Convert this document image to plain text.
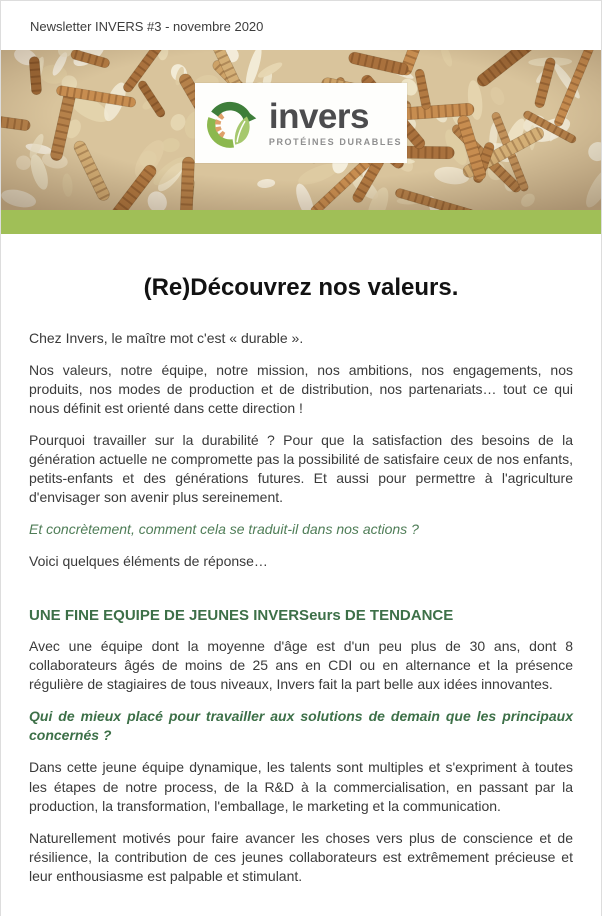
Newsletter INVERS #3 - novembre 2020
invers
PROTÉINES DURABLES
(Re)Découvrez nos valeurs.

Chez Invers, le maître mot c'est « durable ».

Nos valeurs, notre équipe, notre mission, nos ambitions, nos engagements, nos produits, nos modes de production et de distribution, nos partenariats… tout ce qui nous définit est orienté dans cette direction !

Pourquoi travailler sur la durabilité ? Pour que la satisfaction des besoins de la génération actuelle ne compromette pas la possibilité de satisfaire ceux de nos enfants, petits-enfants et des générations futures. Et aussi pour permettre à l'agriculture d'envisager son avenir plus sereinement.

Et concrètement, comment cela se traduit-il dans nos actions ?

Voici quelques éléments de réponse…

UNE FINE EQUIPE DE JEUNES INVERSeurs DE TENDANCE

Avec une équipe dont la moyenne d'âge est d'un peu plus de 30 ans, dont 8 collaborateurs âgés de moins de 25 ans en CDI ou en alternance et la présence régulière de stagiaires de tous niveaux, Invers fait la part belle aux idées innovantes.

Qui de mieux placé pour travailler aux solutions de demain que les principaux concernés ?

Dans cette jeune équipe dynamique, les talents sont multiples et s'expriment à toutes les étapes de notre process, de la R&D à la commercialisation, en passant par la production, la transformation, l'emballage, le marketing et la communication.

Naturellement motivés pour faire avancer les choses vers plus de conscience et de résilience, la contribution de ces jeunes collaborateurs est extrêmement précieuse et leur enthousiasme est palpable et stimulant.
